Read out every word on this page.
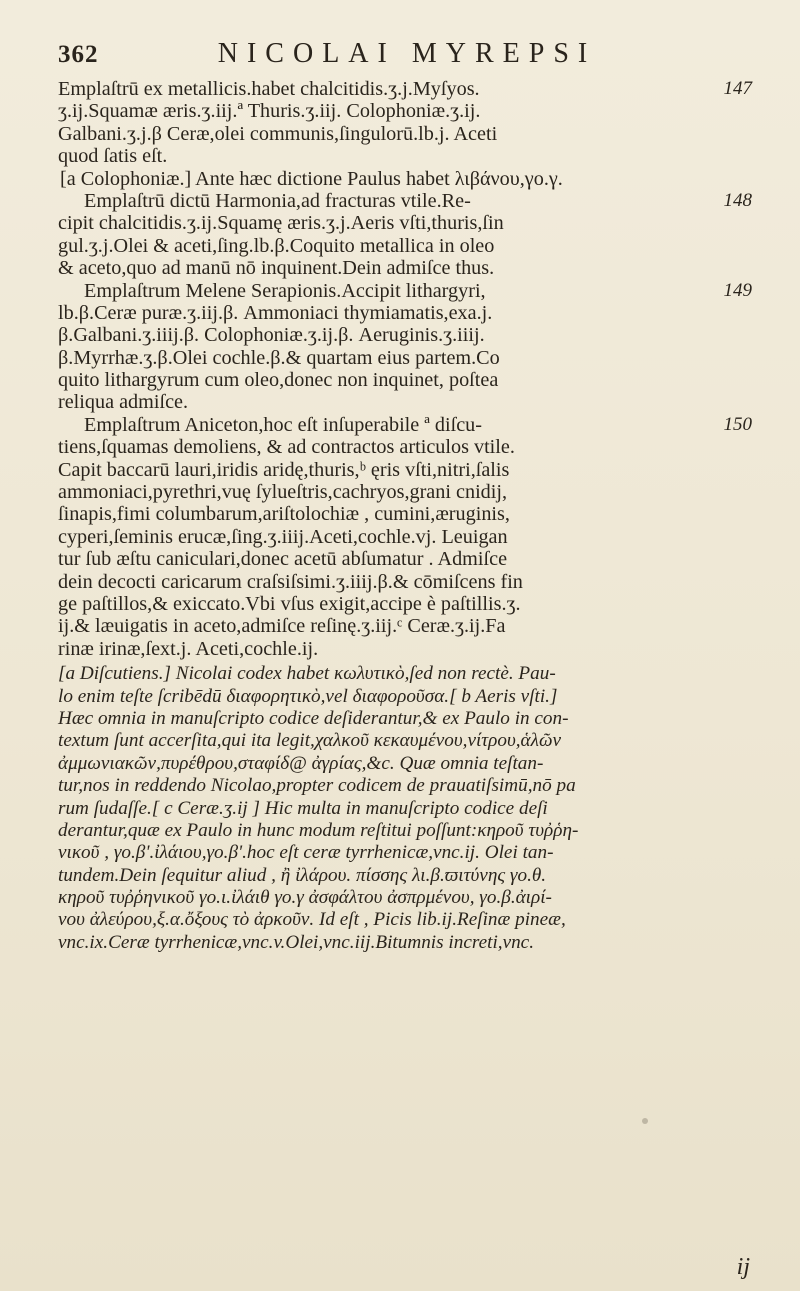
362	NICOLAI MYREPSI
Emplaſtrū ex metallicis.habet chalcitidis.ʒ.j.Myſyos.	147
ʒ.ij.Squamæ æris.ʒ.iij.ª Thuris.ʒ.iij. Colophoniæ.ʒ.ij.
Galbani.ʒ.j.β Ceræ,olei communis,ſingulorū.lb.j. Aceti
quod ſatis eſt.
[a Colophoniæ.] Ante hæc dictione Paulus habet λιβάνου,γο.γ.
Emplaſtrū dictū Harmonia,ad fracturas vtile.Re-	148
cipit chalcitidis.ʒ.ij.Squamę æris.ʒ.j.Aeris vſti,thuris,ſin
gul.ʒ.j.Olei & aceti,ſing.lb.β.Coquito metallica in oleo
& aceto,quo ad manū nō inquinent.Dein admiſce thus.
Emplaſtrum Melene Serapionis.Accipit lithargyri,	149
lb.β.Ceræ puræ.ʒ.iij.β. Ammoniaci thymiamatis,exa.j.
β.Galbani.ʒ.iiij.β. Colophoniæ.ʒ.ij.β. Aeruginis.ʒ.iiij.
β.Myrrhæ.ʒ.β.Olei cochle.β.& quartam eius partem.Co
quito lithargyrum cum oleo,donec non inquinet, poſtea
reliqua admiſce.
Emplaſtrum Aniceton,hoc eſt inſuperabile ª diſcu-	150
tiens,ſquamas demoliens, & ad contractos articulos vtile.
Capit baccarū lauri,iridis aridę,thuris,ᵇ ęris vſti,nitri,ſalis
ammoniaci,pyrethri,vuę ſylueſtris,cachryos,grani cnidij,
ſinapis,fimi columbarum,ariſtolochiæ , cumini,æruginis,
cyperi,ſeminis erucæ,ſing.ʒ.iiij.Aceti,cochle.vj. Leuigan
tur ſub æſtu caniculari,donec acetū abſumatur . Admiſce
dein decocti caricarum craſsiſsimi.ʒ.iiij.β.& cōmiſcens fin
ge paſtillos,& exiccato.Vbi vſus exigit,accipe è paſtillis.ʒ.
ij.& læuigatis in aceto,admiſce reſinę.ʒ.iij.ᶜ Ceræ.ʒ.ij.Fa
rinæ irinæ,ſext.j. Aceti,cochle.ij.
[a Diſcutiens.] Nicolai codex habet κωλυτικὸ,ſed non rectè. Pau-
lo enim teſte ſcribēdū διαφορητικὸ,vel διαφοροῦσα.[ b Aeris vſti.]
Hæc omnia in manuſcripto codice deſiderantur,& ex Paulo in con-
textum ſunt accerſita,qui ita legit,χαλκοῦ κεκαυμένου,νίτρου,ἁλῶν
ἀμμωνιακῶν,πυρέθρου,σταφίδ@ ἀγρίας,&c. Quæ omnia teſtan-
tur,nos in reddendo Nicolao,propter codicem de prauatiſsimū,nō pa
rum ſudaſſe.[ c Ceræ.ʒ.ij ] Hic multa in manuſcripto codice deſi
derantur,quæ ex Paulo in hunc modum reſtitui poſſunt:κηροῦ τυῤῥη-
νικοῦ , γο.β'.ἰλάιου,γο.β'.hoc eſt ceræ tyrrhenicæ,vnc.ij. Olei tan-
tundem.Dein ſequitur aliud , ἢ ἰλάρου. πίσσης λι.β.ϖιτύνης γο.θ.
κηροῦ τυῤῥηνικοῦ γο.ι.ἰλάιθ γο.γ ἀσφάλτου ἀσπρμένου, γο.β.ἀιρί-
νου ἀλεύρου,ξ.α.ὄξους τὸ ἀρκοῦν. Id eſt , Picis lib.ij.Reſinæ pineæ,
vnc.ix.Ceræ tyrrhenicæ,vnc.v.Olei,vnc.iij.Bitumnis increti,vnc.
ij
